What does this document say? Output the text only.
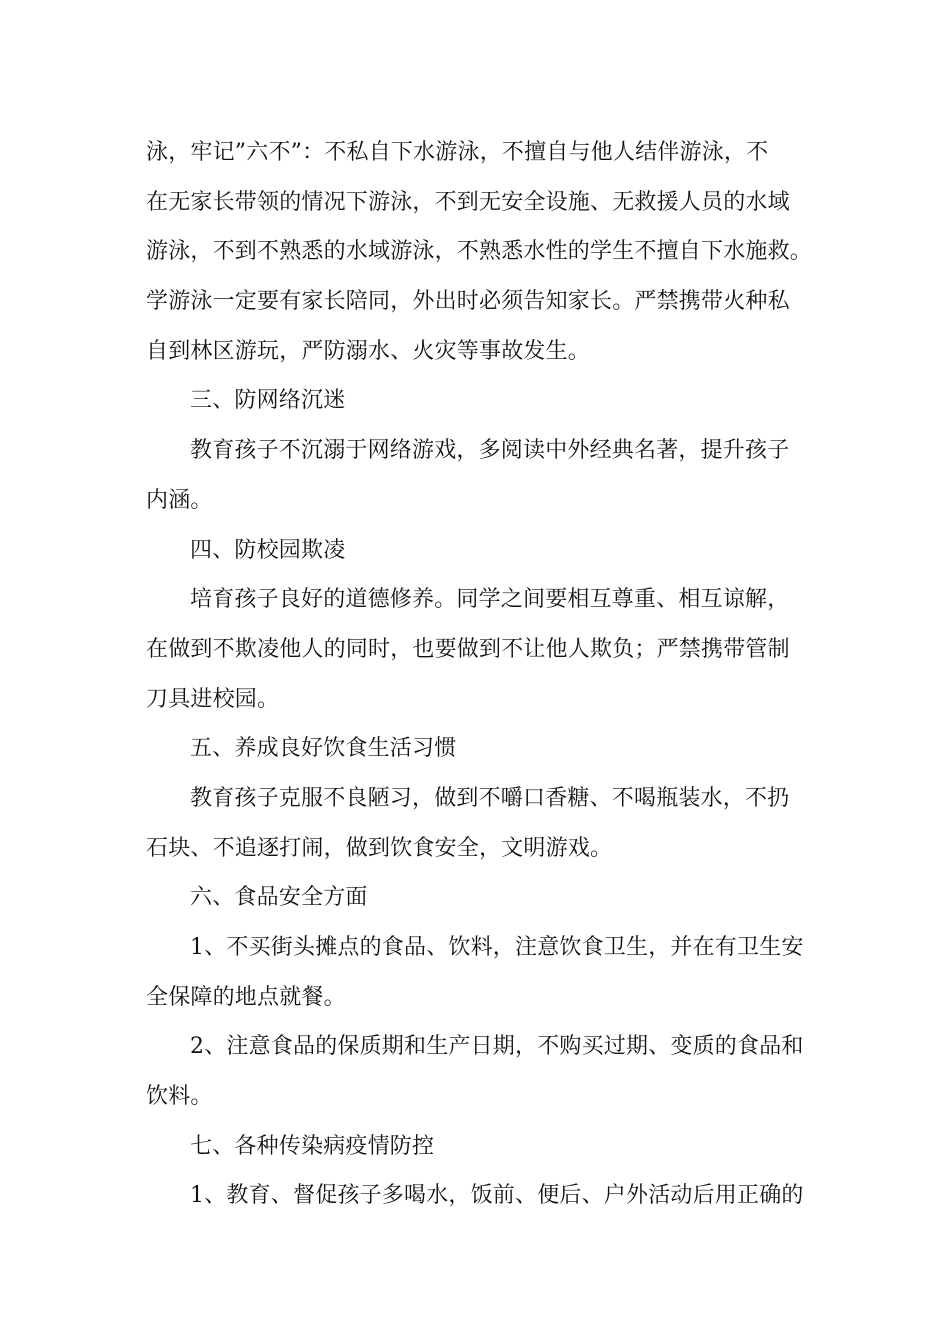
泳，牢记”六不”：不私自下水游泳，不擅自与他人结伴游泳，不
在无家长带领的情况下游泳，不到无安全设施、无救援人员的水域
游泳，不到不熟悉的水域游泳，不熟悉水性的学生不擅自下水施救。
学游泳一定要有家长陪同，外出时必须告知家长。严禁携带火种私
自到林区游玩，严防溺水、火灾等事故发生。
三、防网络沉迷
教育孩子不沉溺于网络游戏，多阅读中外经典名著，提升孩子
内涵。
四、防校园欺凌
培育孩子良好的道德修养。同学之间要相互尊重、相互谅解，
在做到不欺凌他人的同时，也要做到不让他人欺负；严禁携带管制
刀具进校园。
五、养成良好饮食生活习惯
教育孩子克服不良陋习，做到不嚼口香糖、不喝瓶装水，不扔
石块、不追逐打闹，做到饮食安全，文明游戏。
六、食品安全方面
1、不买街头摊点的食品、饮料，注意饮食卫生，并在有卫生安
全保障的地点就餐。
2、注意食品的保质期和生产日期，不购买过期、变质的食品和
饮料。
七、各种传染病疫情防控
1、教育、督促孩子多喝水，饭前、便后、户外活动后用正确的
